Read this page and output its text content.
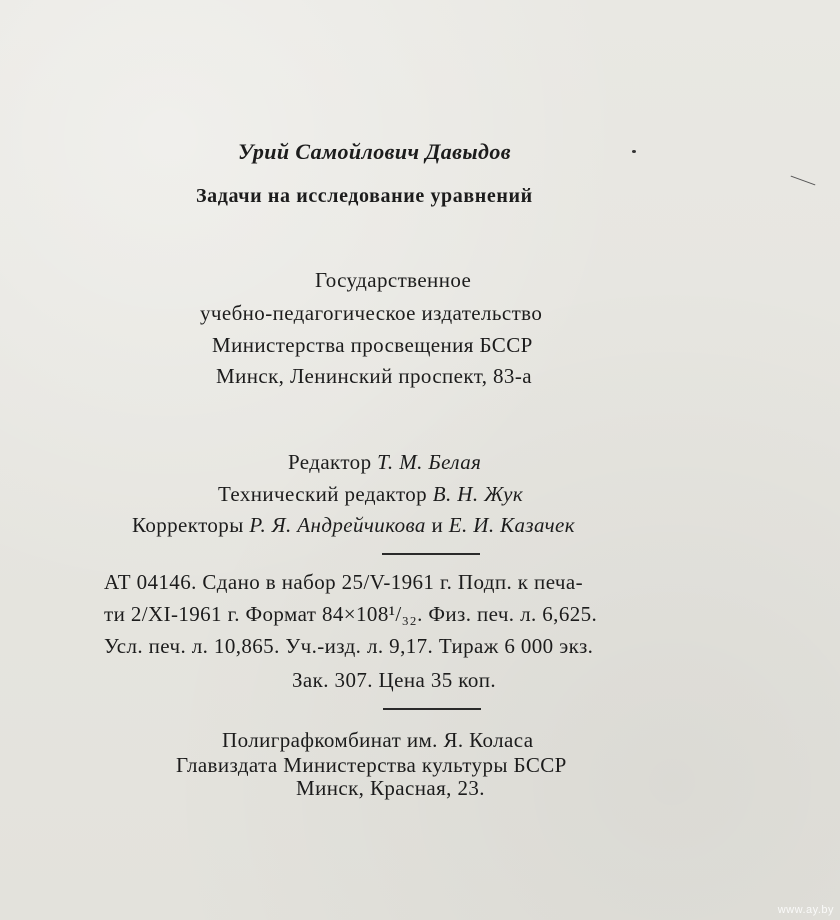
Урий Самойлович Давыдов
Задачи на исследование уравнений
Государственное
учебно-педагогическое издательство
Министерства просвещения БССР
Минск, Ленинский проспект, 83-а
Редактор Т. М. Белая
Технический редактор В. Н. Жук
Корректоры Р. Я. Андрейчикова и Е. И. Казачек
АТ 04146. Сдано в набор 25/V-1961 г. Подп. к печа-
ти 2/XI-1961 г. Формат 84×108¹/₃₂. Физ. печ. л. 6,625.
Усл. печ. л. 10,865. Уч.-изд. л. 9,17. Тираж 6 000 экз.
Зак. 307. Цена 35 коп.
Полиграфкомбинат им. Я. Коласа
Главиздата Министерства культуры БССР
Минск, Красная, 23.
www.ay.by
